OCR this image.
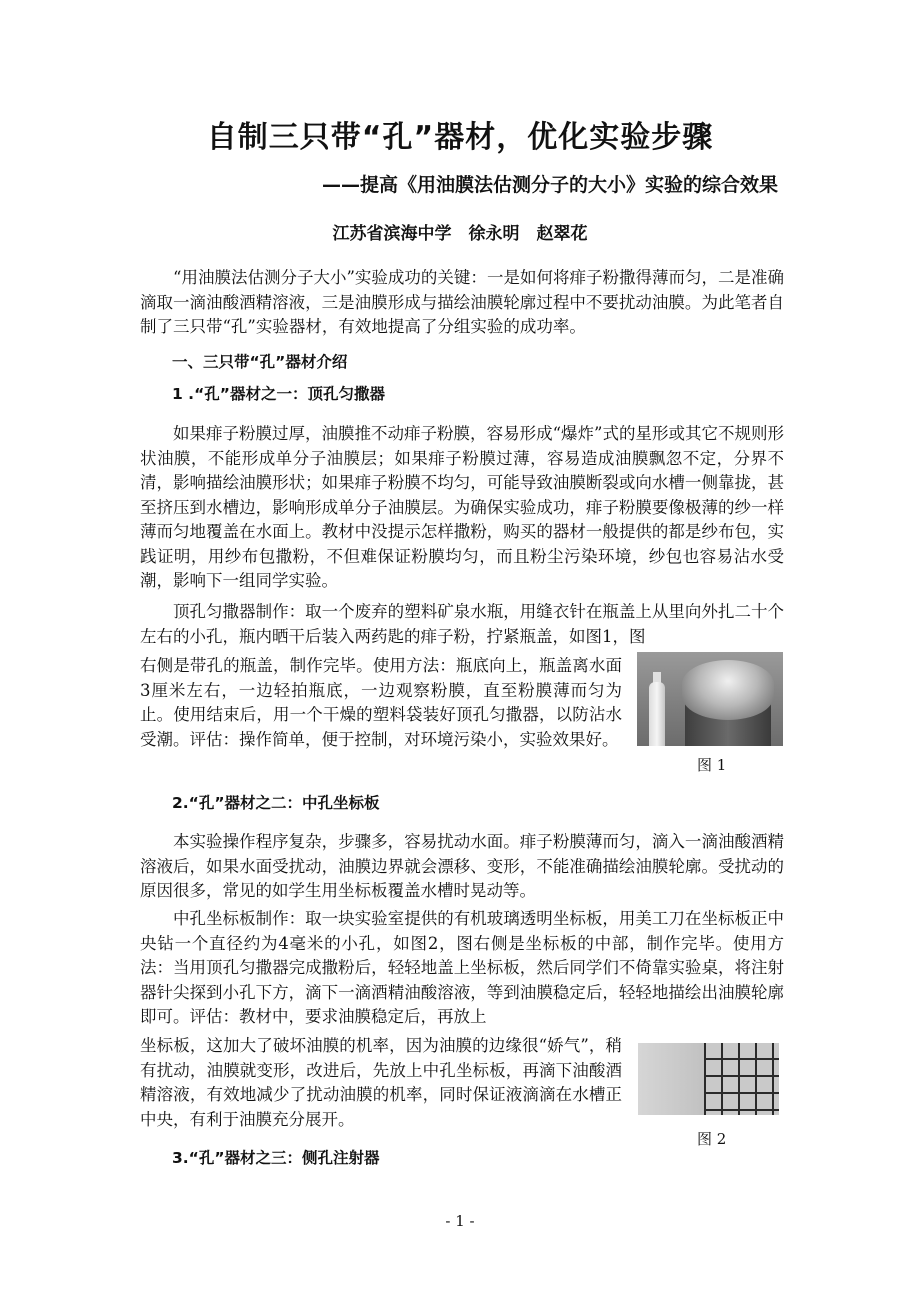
自制三只带“孔”器材，优化实验步骤
——提高《用油膜法估测分子的大小》实验的综合效果
江苏省滨海中学　徐永明　赵翠花
“用油膜法估测分子大小”实验成功的关键：一是如何将痱子粉撒得薄而匀，二是准确滴取一滴油酸酒精溶液，三是油膜形成与描绘油膜轮廓过程中不要扰动油膜。为此笔者自制了三只带“孔”实验器材，有效地提高了分组实验的成功率。
一、三只带“孔”器材介绍
1 .“孔”器材之一：顶孔匀撒器
如果痱子粉膜过厚，油膜推不动痱子粉膜，容易形成“爆炸”式的星形或其它不规则形状油膜，不能形成单分子油膜层；如果痱子粉膜过薄，容易造成油膜飘忽不定，分界不清，影响描绘油膜形状；如果痱子粉膜不均匀，可能导致油膜断裂或向水槽一侧靠拢，甚至挤压到水槽边，影响形成单分子油膜层。为确保实验成功，痱子粉膜要像极薄的纱一样薄而匀地覆盖在水面上。教材中没提示怎样撒粉，购买的器材一般提供的都是纱布包，实践证明，用纱布包撒粉，不但难保证粉膜均匀，而且粉尘污染环境，纱包也容易沾水受潮，影响下一组同学实验。
顶孔匀撒器制作：取一个废弃的塑料矿泉水瓶，用缝衣针在瓶盖上从里向外扎二十个左右的小孔，瓶内晒干后装入两药匙的痱子粉，拧紧瓶盖，如图1，图
右侧是带孔的瓶盖，制作完毕。使用方法：瓶底向上，瓶盖离水面3厘米左右，一边轻拍瓶底，一边观察粉膜，直至粉膜薄而匀为止。使用结束后，用一个干燥的塑料袋装好顶孔匀撒器，以防沾水受潮。评估：操作简单，便于控制，对环境污染小，实验效果好。
图 1
2.“孔”器材之二：中孔坐标板
本实验操作程序复杂，步骤多，容易扰动水面。痱子粉膜薄而匀，滴入一滴油酸酒精溶液后，如果水面受扰动，油膜边界就会漂移、变形，不能准确描绘油膜轮廓。受扰动的原因很多，常见的如学生用坐标板覆盖水槽时晃动等。
中孔坐标板制作：取一块实验室提供的有机玻璃透明坐标板，用美工刀在坐标板正中央钻一个直径约为4毫米的小孔，如图2，图右侧是坐标板的中部，制作完毕。使用方法：当用顶孔匀撒器完成撒粉后，轻轻地盖上坐标板，然后同学们不倚靠实验桌，将注射器针尖探到小孔下方，滴下一滴酒精油酸溶液，等到油膜稳定后，轻轻地描绘出油膜轮廓即可。评估：教材中，要求油膜稳定后，再放上
坐标板，这加大了破坏油膜的机率，因为油膜的边缘很“娇气”，稍有扰动，油膜就变形，改进后，先放上中孔坐标板，再滴下油酸酒精溶液，有效地减少了扰动油膜的机率，同时保证液滴滴在水槽正中央，有利于油膜充分展开。
图 2
3.“孔”器材之三：侧孔注射器
- 1 -
